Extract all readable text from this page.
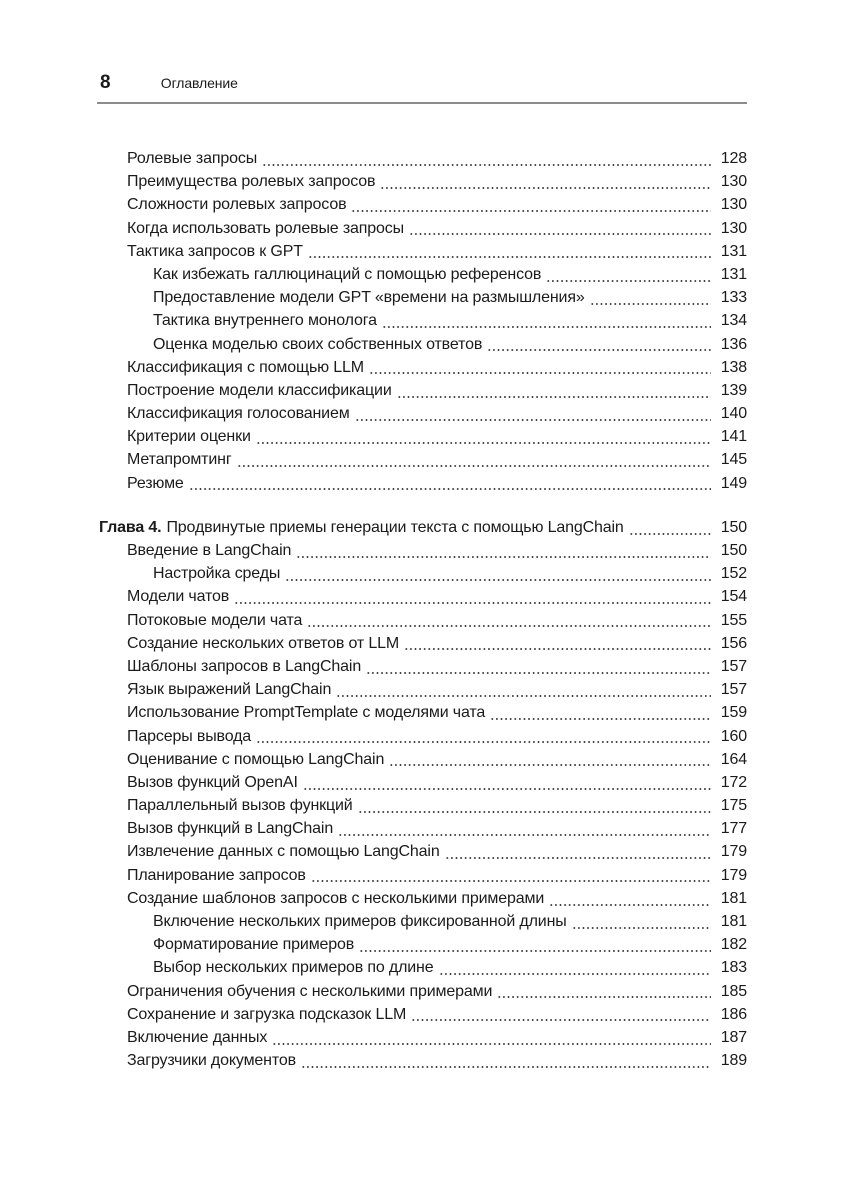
8	Оглавление
Ролевые запросы	128
Преимущества ролевых запросов	130
Сложности ролевых запросов	130
Когда использовать ролевые запросы	130
Тактика запросов к GPT	131
Как избежать галлюцинаций с помощью референсов	131
Предоставление модели GPT «времени на размышления»	133
Тактика внутреннего монолога	134
Оценка моделью своих собственных ответов	136
Классификация с помощью LLM	138
Построение модели классификации	139
Классификация голосованием	140
Критерии оценки	141
Метапромтинг	145
Резюме	149
Глава 4. Продвинутые приемы генерации текста с помощью LangChain	150
Введение в LangChain	150
Настройка среды	152
Модели чатов	154
Потоковые модели чата	155
Создание нескольких ответов от LLM	156
Шаблоны запросов в LangChain	157
Язык выражений LangChain	157
Использование PromptTemplate с моделями чата	159
Парсеры вывода	160
Оценивание с помощью LangChain	164
Вызов функций OpenAI	172
Параллельный вызов функций	175
Вызов функций в LangChain	177
Извлечение данных с помощью LangChain	179
Планирование запросов	179
Создание шаблонов запросов с несколькими примерами	181
Включение нескольких примеров фиксированной длины	181
Форматирование примеров	182
Выбор нескольких примеров по длине	183
Ограничения обучения с несколькими примерами	185
Сохранение и загрузка подсказок LLM	186
Включение данных	187
Загрузчики документов	189
